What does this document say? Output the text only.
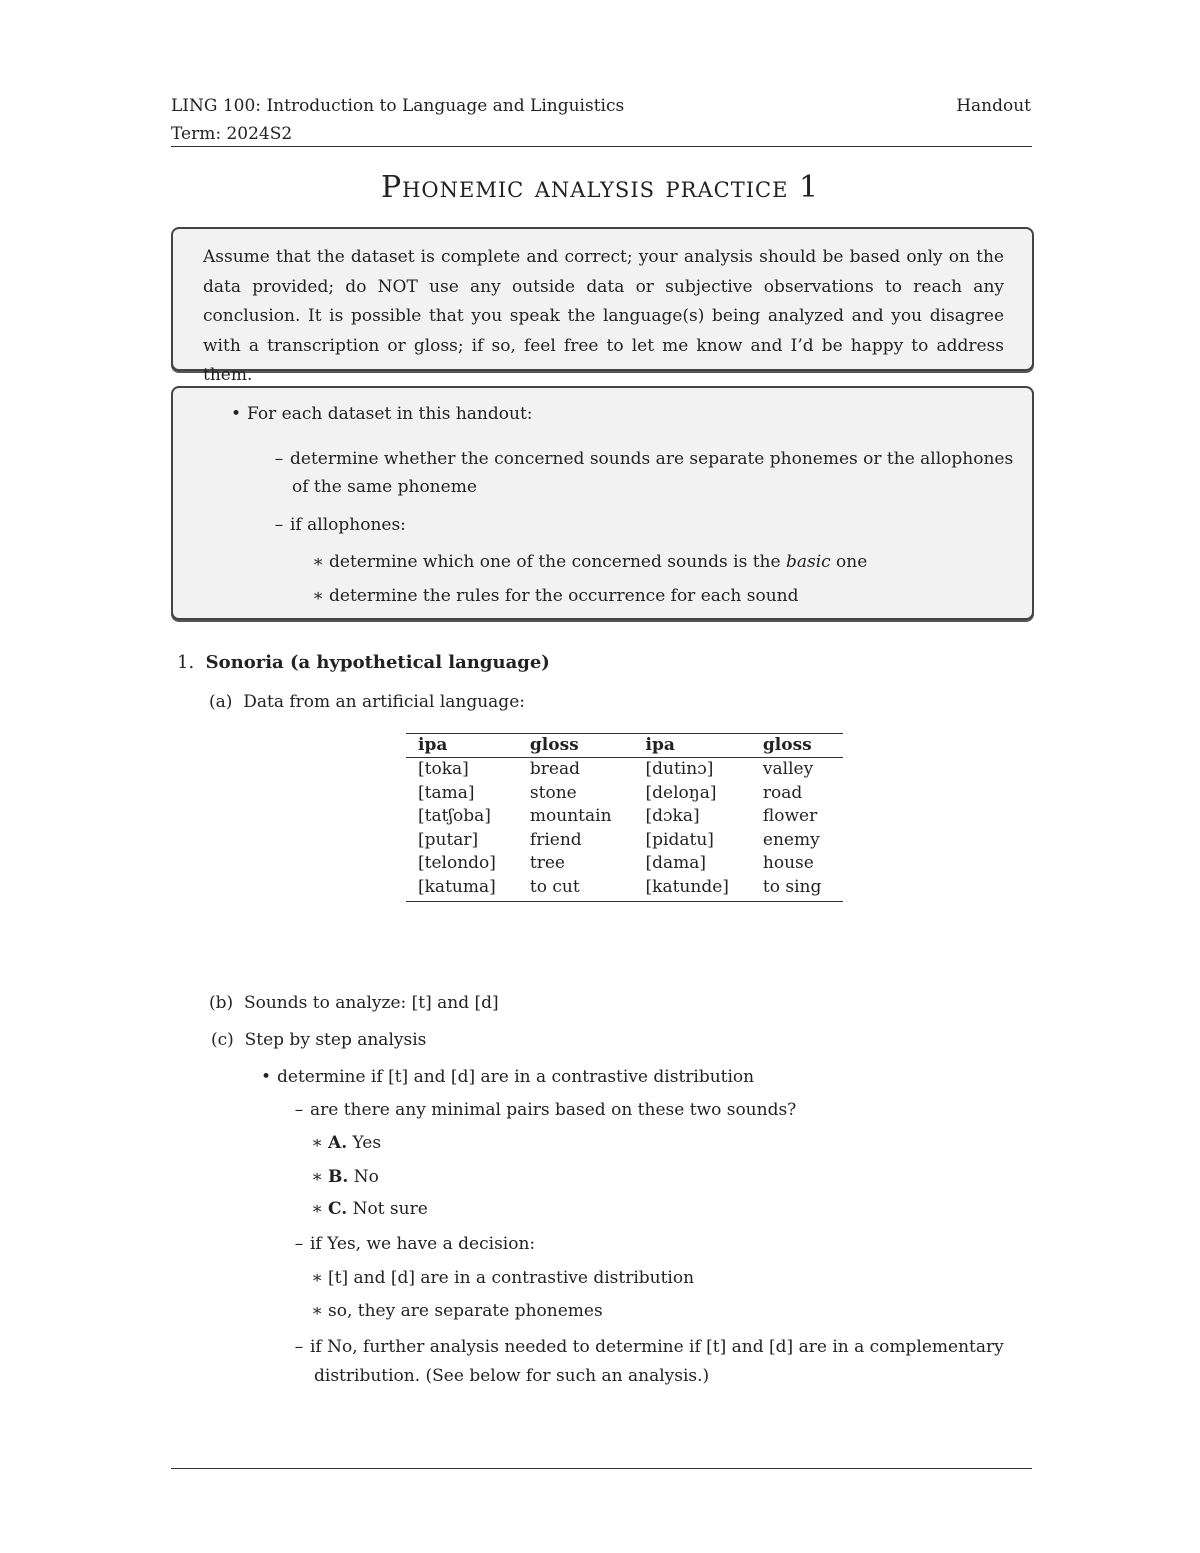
LING 100: Introduction to Language and Linguistics
Term: 2024S2
Handout
Phonemic analysis practice 1

Assume that the dataset is complete and correct; your analysis should be based only on the data provided; do NOT use any outside data or subjective observations to reach any conclusion. It is possible that you speak the language(s) being analyzed and you disagree with a transcription or gloss; if so, feel free to let me know and I’d be happy to address them.

• For each dataset in this handout:
– determine whether the concerned sounds are separate phonemes or the allophones
of the same phoneme
– if allophones:
∗ determine which one of the concerned sounds is the basic one
∗ determine the rules for the occurrence for each sound
1. Sonoria (a hypothetical language)
(a) Data from an artificial language:
ipa	gloss	ipa	gloss
[toka]	bread	[dutinɔ]	valley
[tama]	stone	[deloŋa]	road
[tatʃoba]	mountain	[dɔka]	flower
[putar]	friend	[pidatu]	enemy
[telondo]	tree	[dama]	house
[katuma]	to cut	[katunde]	to sing
(b) Sounds to analyze: [t] and [d]
(c) Step by step analysis
• determine if [t] and [d] are in a contrastive distribution
– are there any minimal pairs based on these two sounds?
∗ A. Yes
∗ B. No
∗ C. Not sure
– if Yes, we have a decision:
∗ [t] and [d] are in a contrastive distribution
∗ so, they are separate phonemes
– if No, further analysis needed to determine if [t] and [d] are in a complementary
distribution. (See below for such an analysis.)
